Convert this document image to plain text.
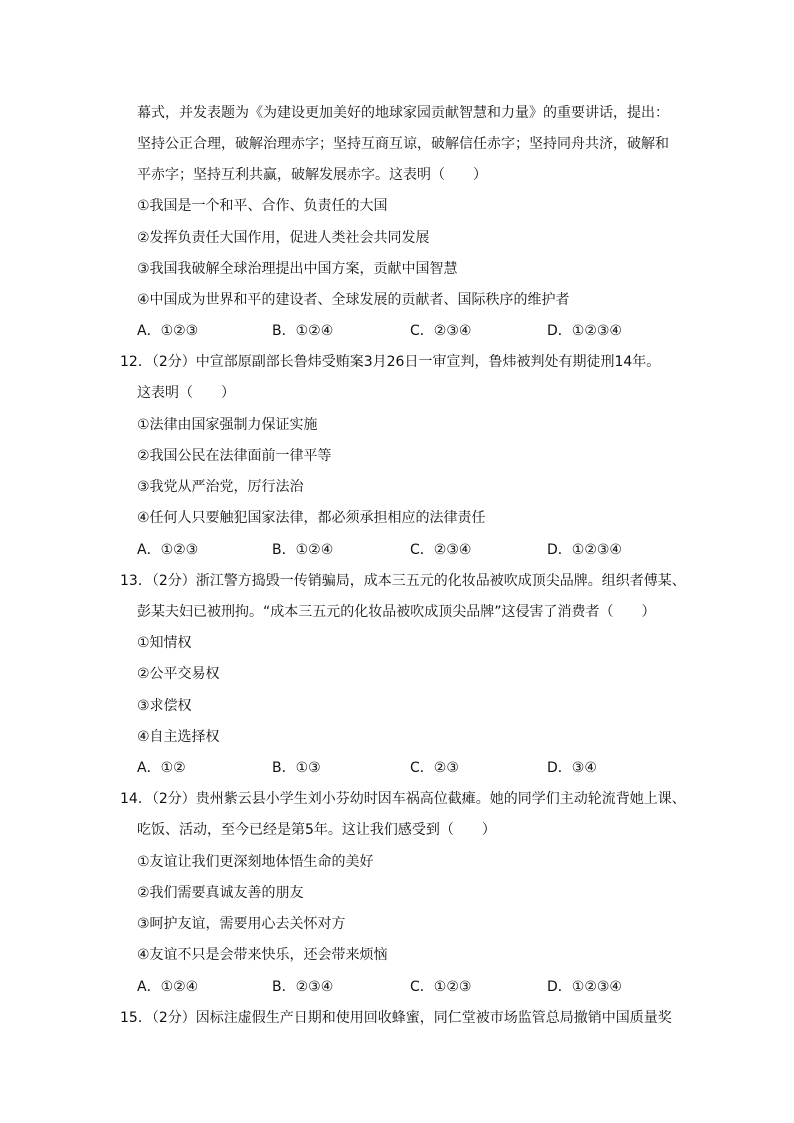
幕式，并发表题为《为建设更加美好的地球家园贡献智慧和力量》的重要讲话，提出：
坚持公正合理，破解治理赤字；坚持互商互谅，破解信任赤字；坚持同舟共济，破解和
平赤字；坚持互利共赢，破解发展赤字。这表明（　　）
①我国是一个和平、合作、负责任的大国
②发挥负责任大国作用，促进人类社会共同发展
③我国我破解全球治理提出中国方案，贡献中国智慧
④中国成为世界和平的建设者、全球发展的贡献者、国际秩序的维护者
A．①②③	B．①②④	C．②③④	D．①②③④
12．（2分）中宣部原副部长鲁炜受贿案3月26日一审宣判，鲁炜被判处有期徒刑14年。
这表明（　　）
①法律由国家强制力保证实施
②我国公民在法律面前一律平等
③我党从严治党，厉行法治
④任何人只要触犯国家法律，都必须承担相应的法律责任
A．①②③	B．①②④	C．②③④	D．①②③④
13．（2分）浙江警方捣毁一传销骗局，成本三五元的化妆品被吹成顶尖品牌。组织者傅某、
彭某夫妇已被刑拘。“成本三五元的化妆品被吹成顶尖品牌”这侵害了消费者（　　）
①知情权
②公平交易权
③求偿权
④自主选择权
A．①②	B．①③	C．②③	D．③④
14．（2分）贵州紫云县小学生刘小芬幼时因车祸高位截瘫。她的同学们主动轮流背她上课、
吃饭、活动，至今已经是第5年。这让我们感受到（　　）
①友谊让我们更深刻地体悟生命的美好
②我们需要真诚友善的朋友
③呵护友谊，需要用心去关怀对方
④友谊不只是会带来快乐，还会带来烦恼
A．①②④	B．②③④	C．①②③	D．①②③④
15．（2分）因标注虚假生产日期和使用回收蜂蜜，同仁堂被市场监管总局撤销中国质量奖
